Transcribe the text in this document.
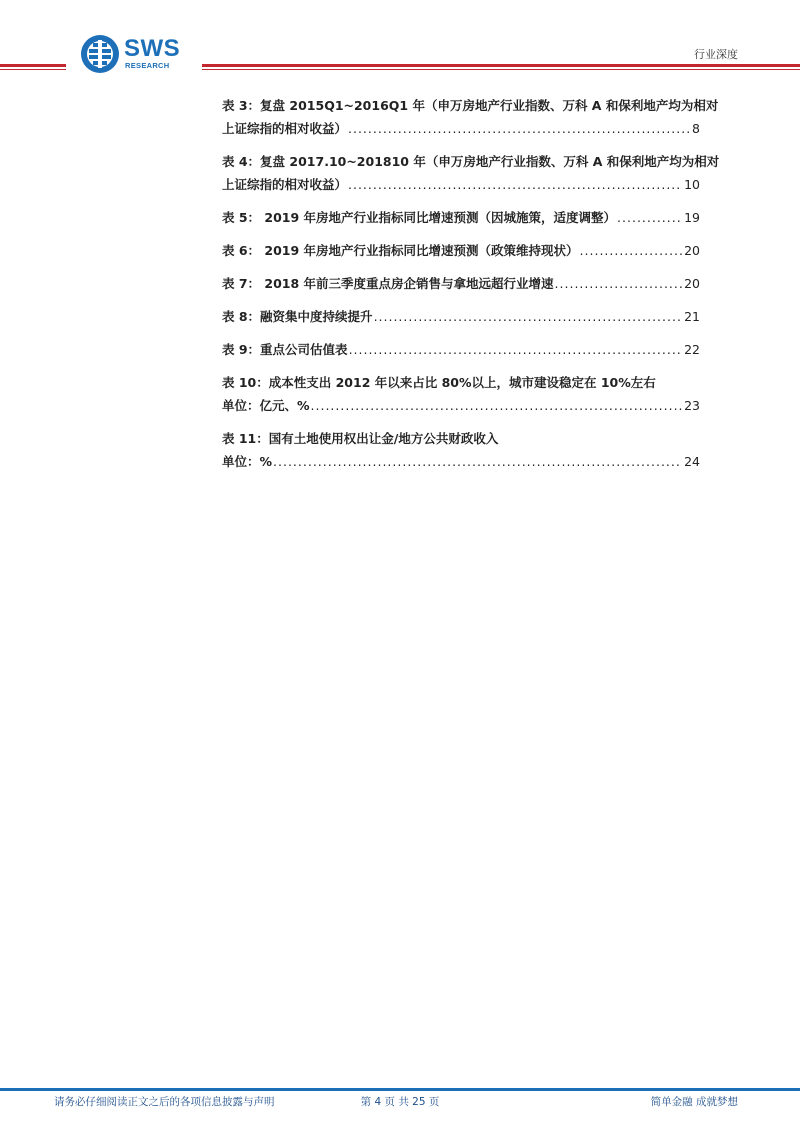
SWS
RESEARCH
行业深度
表 3：复盘 2015Q1~2016Q1 年（申万房地产行业指数、万科 A 和保利地产均为相对
上证综指的相对收益） .....	8
表 4：复盘 2017.10~201810 年（申万房地产行业指数、万科 A 和保利地产均为相对
上证综指的相对收益） .....	10
表 5： 2019 年房地产行业指标同比增速预测（因城施策，适度调整） .....	19
表 6： 2019 年房地产行业指标同比增速预测（政策维持现状） .....	20
表 7： 2018 年前三季度重点房企销售与拿地远超行业增速 .....	20
表 8：融资集中度持续提升 .....	21
表 9：重点公司估值表 .....	22
表 10：成本性支出 2012 年以来占比 80%以上，城市建设稳定在 10%左右
单位：亿元、% .....	23
表 11：国有土地使用权出让金/地方公共财政收入
单位：% .....	24
请务必仔细阅读正文之后的各项信息披露与声明	第 4 页 共 25 页	简单金融 成就梦想
